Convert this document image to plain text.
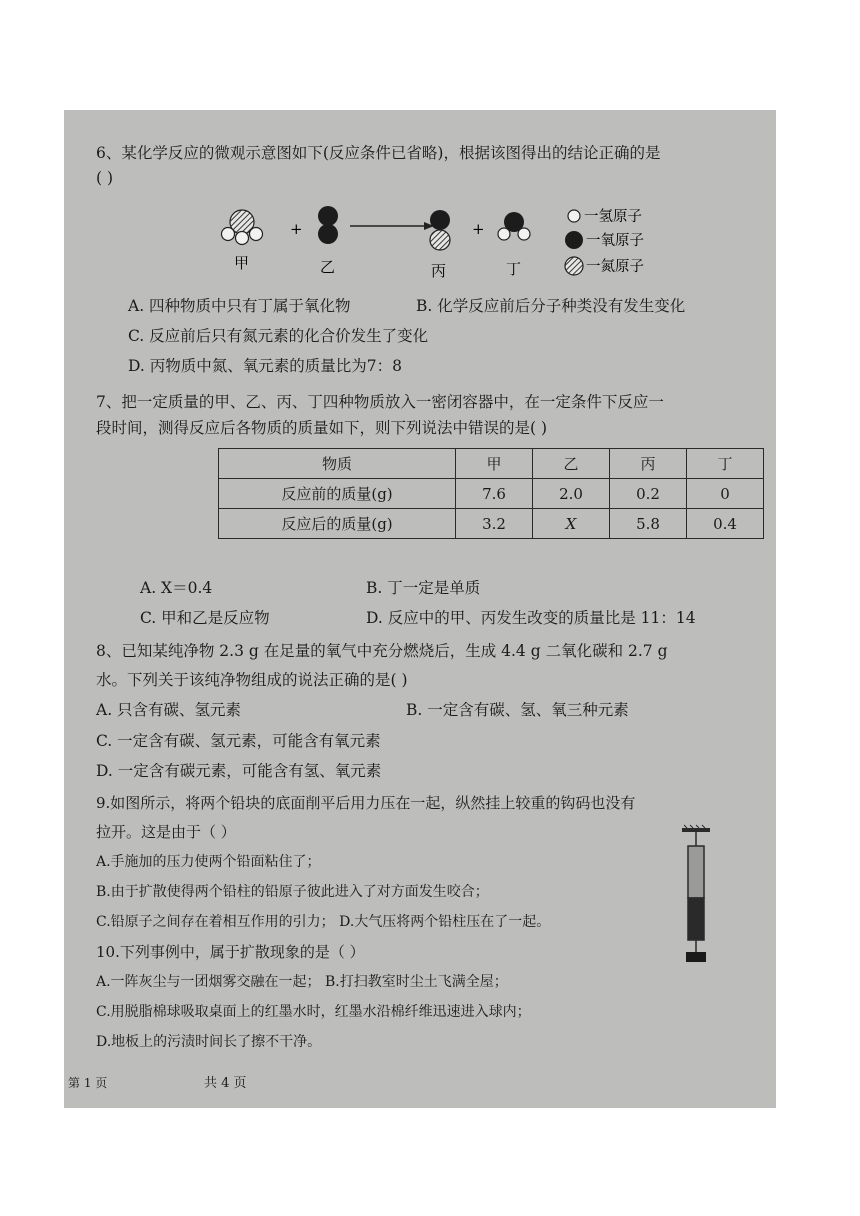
6、某化学反应的微观示意图如下(反应条件已省略)，根据该图得出的结论正确的是
( )
+	+
甲	乙	丙	丁
一氢原子
一氧原子
一氮原子
A. 四种物质中只有丁属于氧化物	B. 化学反应前后分子种类没有发生变化
C. 反应前后只有氮元素的化合价发生了变化
D. 丙物质中氮、氧元素的质量比为7：8
7、把一定质量的甲、乙、丙、丁四种物质放入一密闭容器中，在一定条件下反应一
段时间，测得反应后各物质的质量如下，则下列说法中错误的是( )
物质	甲	乙	丙	丁
反应前的质量(g)	7.6	2.0	0.2	0
反应后的质量(g)	3.2	X	5.8	0.4
A. X＝0.4	B. 丁一定是单质
C. 甲和乙是反应物	D. 反应中的甲、丙发生改变的质量比是 11：14
8、已知某纯净物 2.3 g 在足量的氧气中充分燃烧后，生成 4.4 g 二氧化碳和 2.7 g
水。下列关于该纯净物组成的说法正确的是( )
A. 只含有碳、氢元素	B. 一定含有碳、氢、氧三种元素
C. 一定含有碳、氢元素，可能含有氧元素
D. 一定含有碳元素，可能含有氢、氧元素
9.如图所示，将两个铅块的底面削平后用力压在一起，纵然挂上较重的钩码也没有
拉开。这是由于（ ）
A.手施加的压力使两个铅面粘住了；
B.由于扩散使得两个铅柱的铅原子彼此进入了对方面发生咬合；
C.铅原子之间存在着相互作用的引力； D.大气压将两个铅柱压在了一起。
10.下列事例中，属于扩散现象的是（ ）
A.一阵灰尘与一团烟雾交融在一起； B.打扫教室时尘土飞满全屋；
C.用脱脂棉球吸取桌面上的红墨水时，红墨水沿棉纤维迅速进入球内；
D.地板上的污渍时间长了擦不干净。
第 1 页	共 4 页
